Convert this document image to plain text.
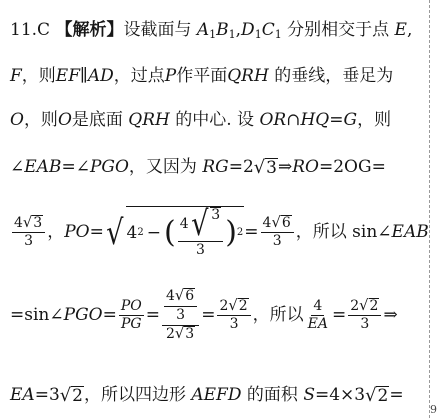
11.C 【解析】设截面与 $A_1B_1,D_1C_1$ 分别相交于点 E,
F，则EF∥AD，过点P作平面QRH 的垂线，垂足为
O，则O是底面 QRH 的中心. 设 OR∩HQ=G，则
∠EAB=∠PGO，又因为 RG=2 √ 3 ⇒RO=2OG=
$\frac{4 √ 3}{3}$ ，PO= √ 4 2 − ( $\frac{4 √ 3}{3}$ ) $2 = \frac{4 √ 6}{3}$ ，所以 sin∠EAB
=sin∠PGO= $\frac{PO}{PG} = \frac{\frac{4 √ 6}{3}}{2 √ 3} = \frac{2 √ 2}{3}$ ，所以 $\frac{4}{EA} = \frac{2 √ 2}{3}$ ⇒
EA=3 √ 2 ，所以四边形 AEFD 的面积 S=4×3 √ 2 =
9
